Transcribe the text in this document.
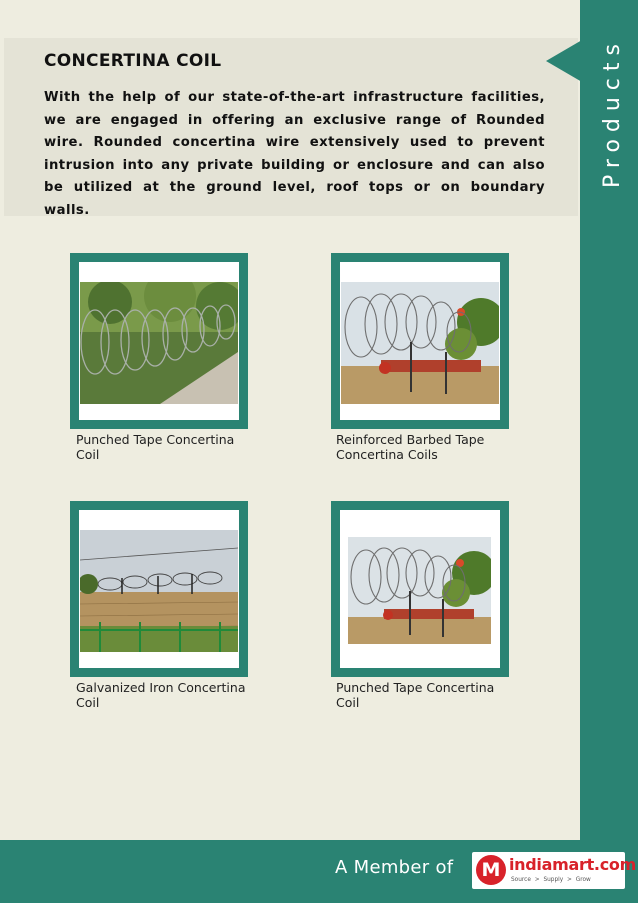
Products
CONCERTINA COIL
With the help of our state-of-the-art infrastructure facilities, we are engaged in offering an exclusive range of Rounded wire. Rounded concertina wire extensively used to prevent intrusion into any private building or enclosure and can also be utilized at the ground level, roof tops or on boundary walls.
Punched Tape Concertina Coil
Reinforced Barbed Tape Concertina Coils
Galvanized Iron Concertina Coil
Punched Tape Concertina Coil
A Member of M indiamart.com
Source > Supply > Grow
